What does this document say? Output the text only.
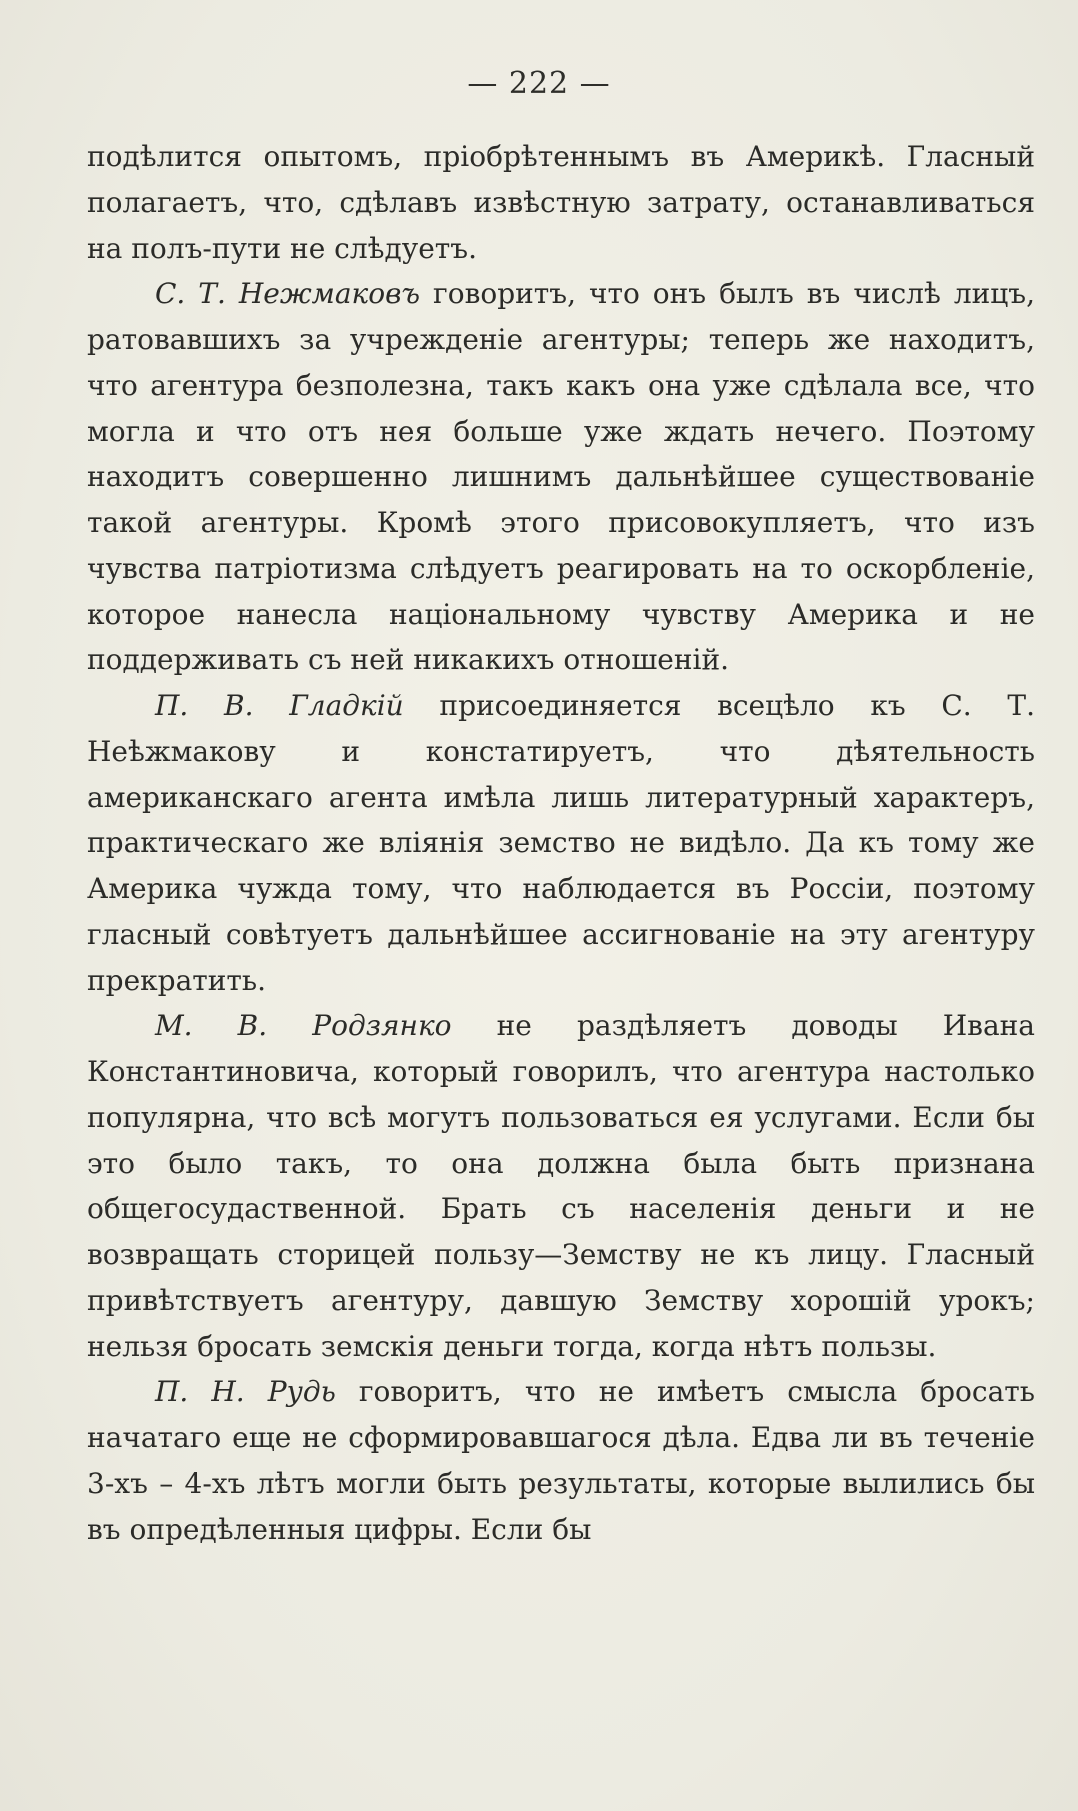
— 222 —

подѣлится опытомъ, пріобрѣтеннымъ въ Америкѣ. Гласный полагаетъ, что, сдѣлавъ извѣстную затрату, останавливаться на полъ-пути не слѣдуетъ.

С. Т. Нежмаковъ говоритъ, что онъ былъ въ числѣ лицъ, ратовавшихъ за учрежденіе агентуры; теперь же находитъ, что агентура безполезна, такъ какъ она уже сдѣлала все, что могла и что отъ нея больше уже ждать нечего. Поэтому находитъ совершенно лишнимъ дальнѣйшее существованіе такой агентуры. Кромѣ этого присовокупляетъ, что изъ чувства патріотизма слѣдуетъ реагировать на то оскорбленіе, которое нанесла національному чувству Америка и не поддерживать съ ней никакихъ отношеній.

П. В. Гладкій присоединяется всецѣло къ С. Т. Неѣжмакову и констатируетъ, что дѣятельность американскаго агента имѣла лишь литературный характеръ, практическаго же вліянія земство не видѣло. Да къ тому же Америка чужда тому, что наблюдается въ Россіи, поэтому гласный совѣтуетъ дальнѣйшее ассигнованіе на эту агентуру прекратить.

М. В. Родзянко не раздѣляетъ доводы Ивана Константиновича, который говорилъ, что агентура настолько популярна, что всѣ могутъ пользоваться ея услугами. Если бы это было такъ, то она должна была быть признана общегосудаственной. Брать съ населенія деньги и не возвращать сторицей пользу—Земству не къ лицу. Гласный привѣтствуетъ агентуру, давшую Земству хорошій урокъ; нельзя бросать земскія деньги тогда, когда нѣтъ пользы.

П. Н. Рудь говоритъ, что не имѣетъ смысла бросать начатаго еще не сформировавшагося дѣла. Едва ли въ теченіе 3-хъ – 4-хъ лѣтъ могли быть результаты, которые вылились бы въ опредѣленныя цифры. Если бы
